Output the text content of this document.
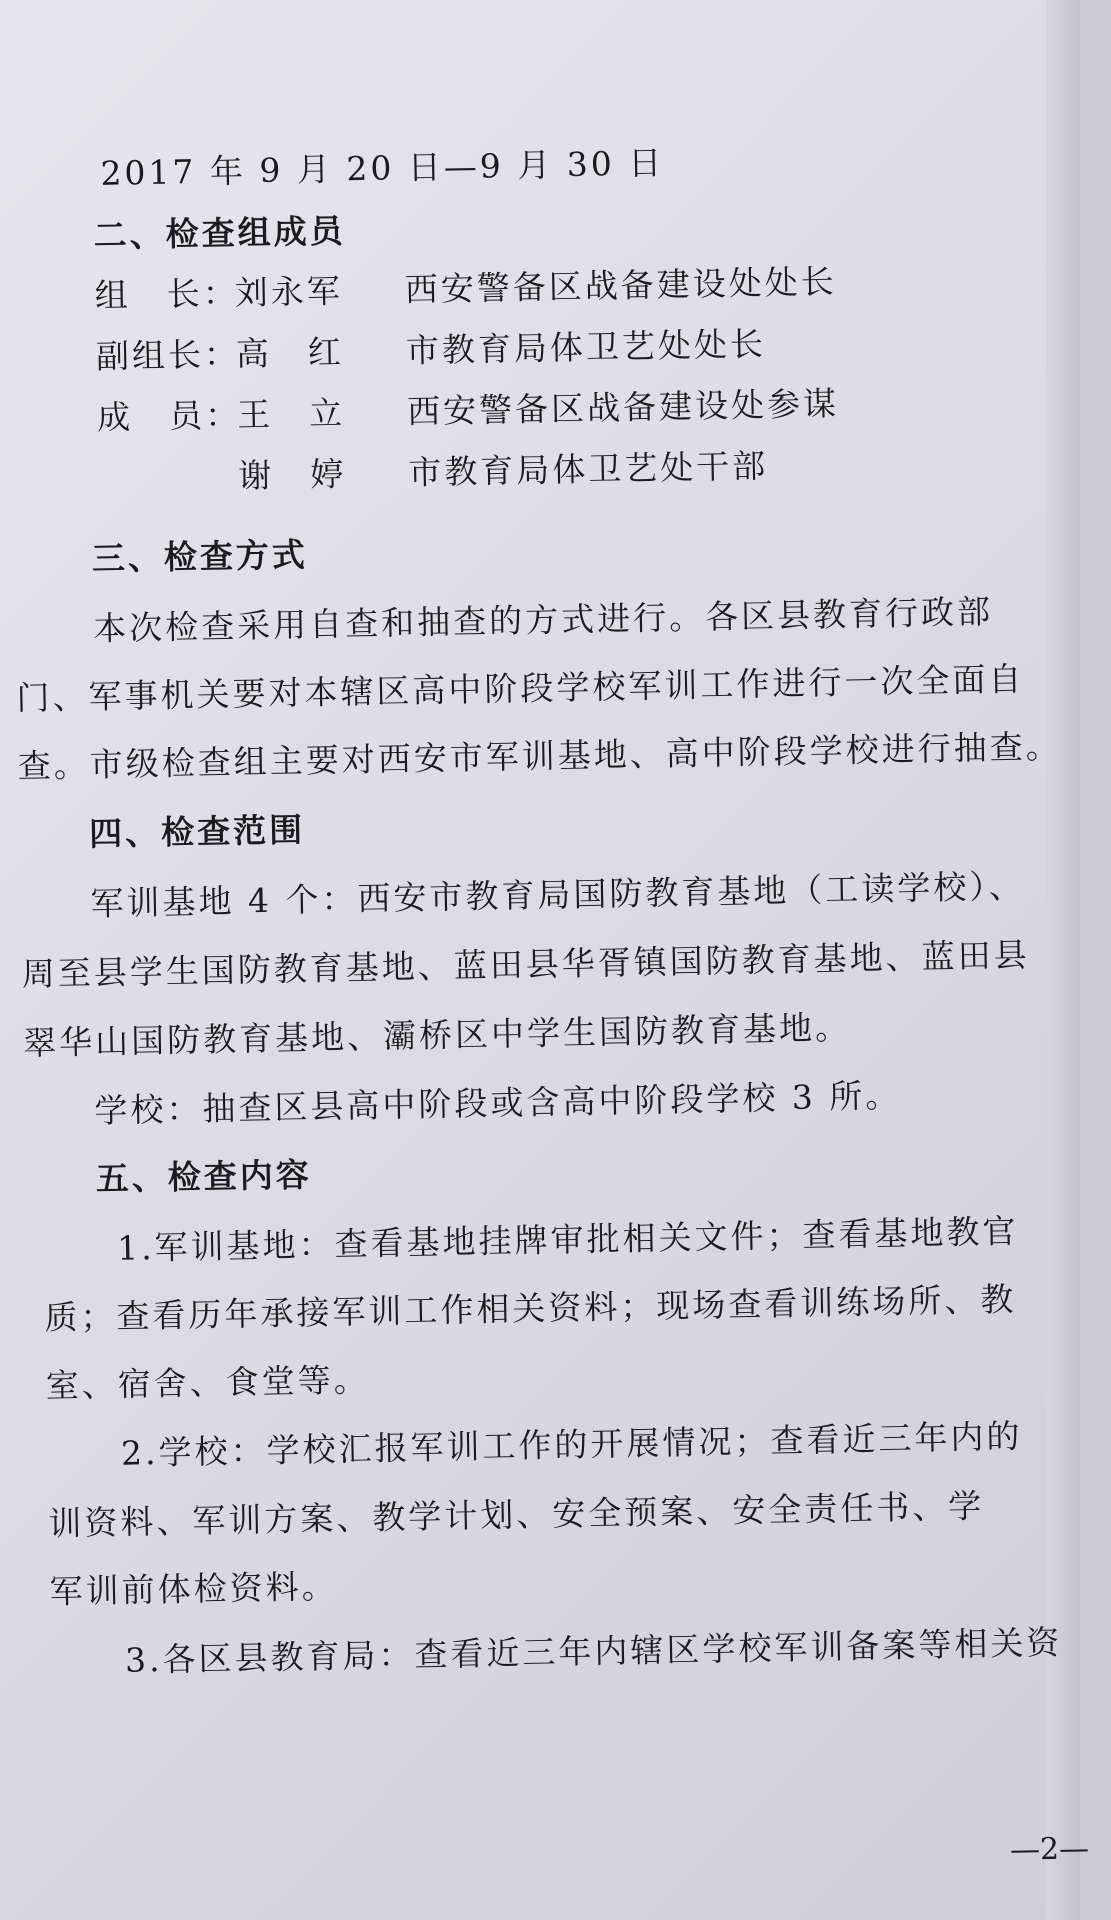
2017 年 9 月 20 日—9 月 30 日
二、检查组成员
组　长：
刘永军 西安警备区战备建设处处长
副组长：
高　红 市教育局体卫艺处处长
成　员：
王　立 西安警备区战备建设处参谋
谢　婷 市教育局体卫艺处干部
三、检查方式
本次检查采用自查和抽查的方式进行。各区县教育行政部
门、军事机关要对本辖区高中阶段学校军训工作进行一次全面自
查。市级检查组主要对西安市军训基地、高中阶段学校进行抽查。
四、检查范围
军训基地 4 个：西安市教育局国防教育基地（工读学校）、
周至县学生国防教育基地、蓝田县华胥镇国防教育基地、蓝田县
翠华山国防教育基地、灞桥区中学生国防教育基地。
学校：抽查区县高中阶段或含高中阶段学校 3 所。
五、检查内容
1.军训基地：查看基地挂牌审批相关文件；查看基地教官
质；查看历年承接军训工作相关资料；现场查看训练场所、教
室、宿舍、食堂等。
2.学校：学校汇报军训工作的开展情况；查看近三年内的
训资料、军训方案、教学计划、安全预案、安全责任书、学
军训前体检资料。
3.各区县教育局：查看近三年内辖区学校军训备案等相关资
—2—
